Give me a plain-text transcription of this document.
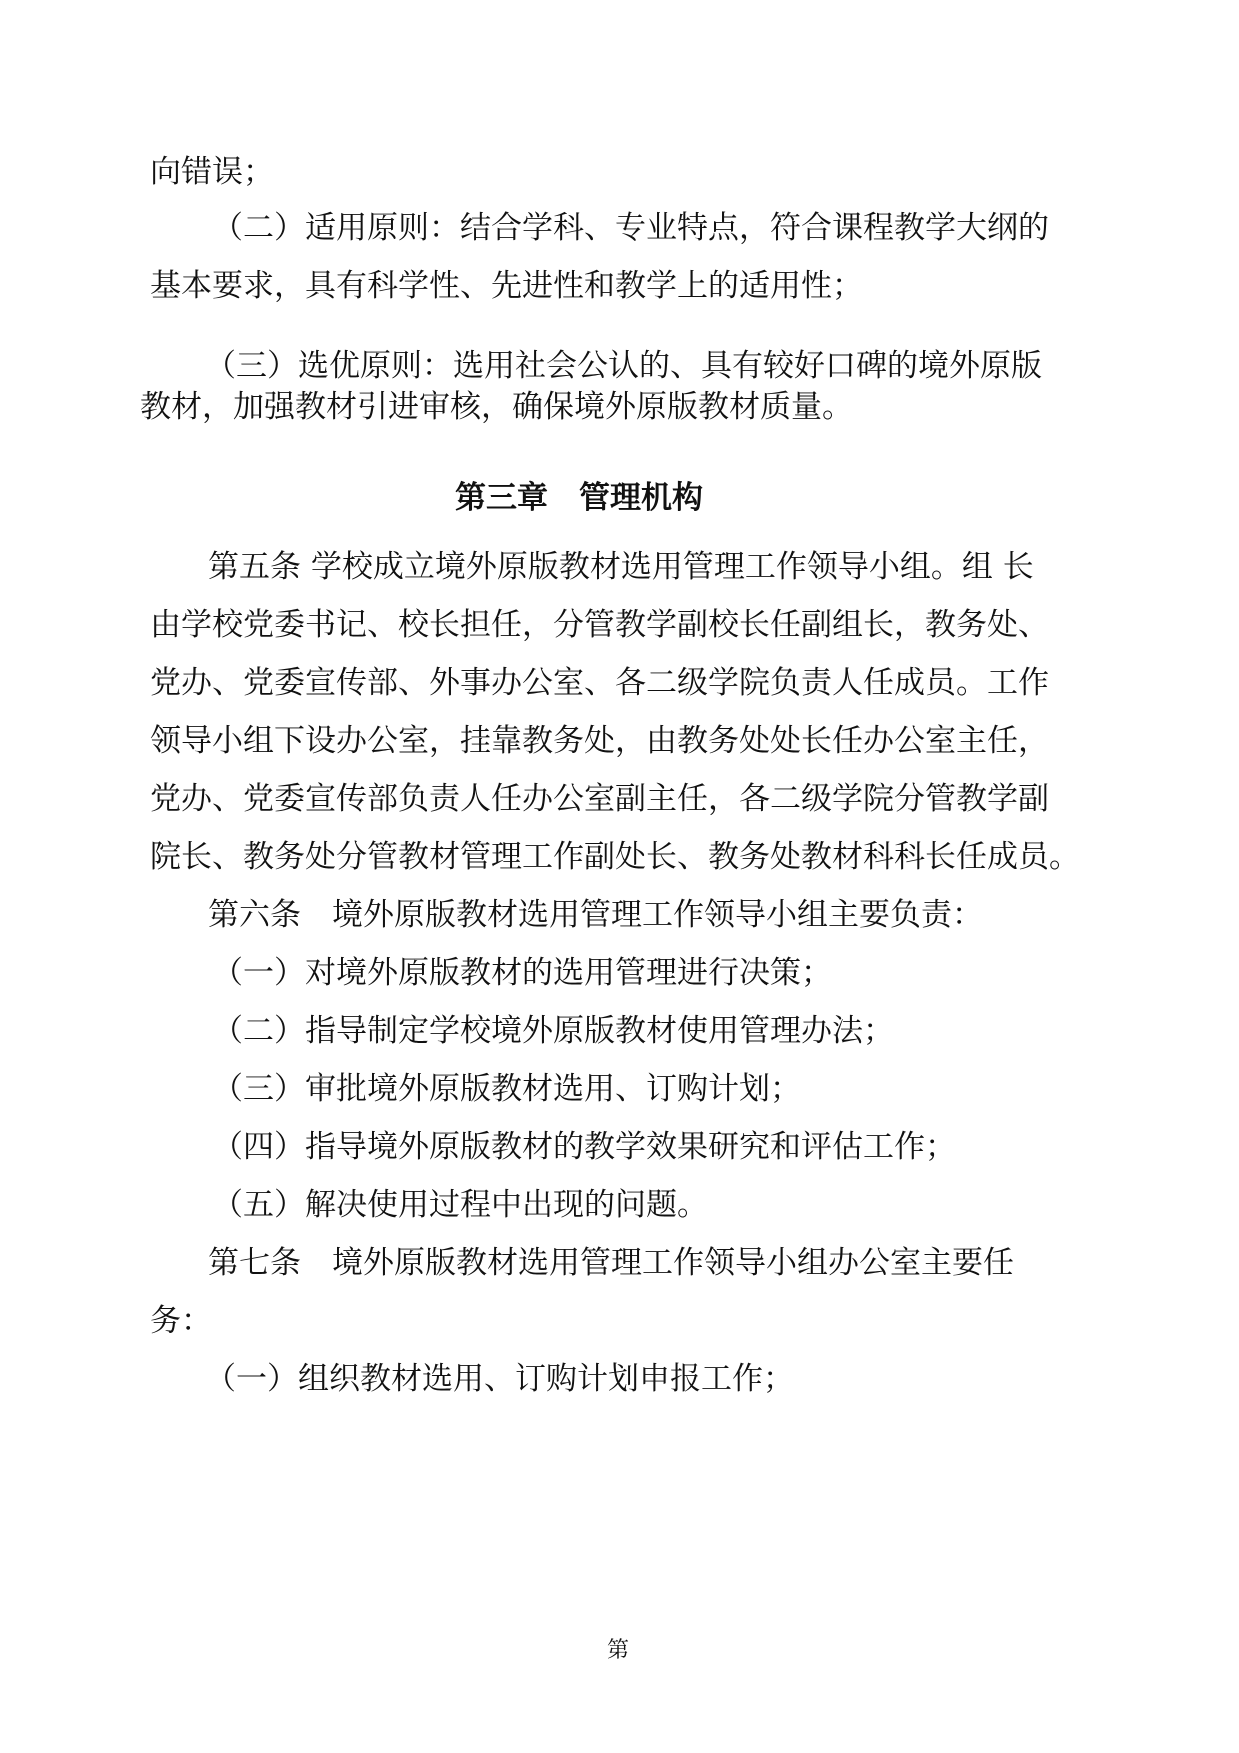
向错误；
（二）适用原则：结合学科、专业特点，符合课程教学大纲的
基本要求，具有科学性、先进性和教学上的适用性；
（三）选优原则：选用社会公认的、具有较好口碑的境外原版
教材，加强教材引进审核，确保境外原版教材质量。
第三章　管理机构
第五条 学校成立境外原版教材选用管理工作领导小组。组 长
由学校党委书记、校长担任，分管教学副校长任副组长，教务处、
党办、党委宣传部、外事办公室、各二级学院负责人任成员。工作
领导小组下设办公室，挂靠教务处，由教务处处长任办公室主任，
党办、党委宣传部负责人任办公室副主任，各二级学院分管教学副
院长、教务处分管教材管理工作副处长、教务处教材科科长任成员。
第六条　境外原版教材选用管理工作领导小组主要负责：
（一）对境外原版教材的选用管理进行决策；
（二）指导制定学校境外原版教材使用管理办法；
（三）审批境外原版教材选用、订购计划；
（四）指导境外原版教材的教学效果研究和评估工作；
（五）解决使用过程中出现的问题。
第七条　境外原版教材选用管理工作领导小组办公室主要任
务：
（一）组织教材选用、订购计划申报工作；
第
